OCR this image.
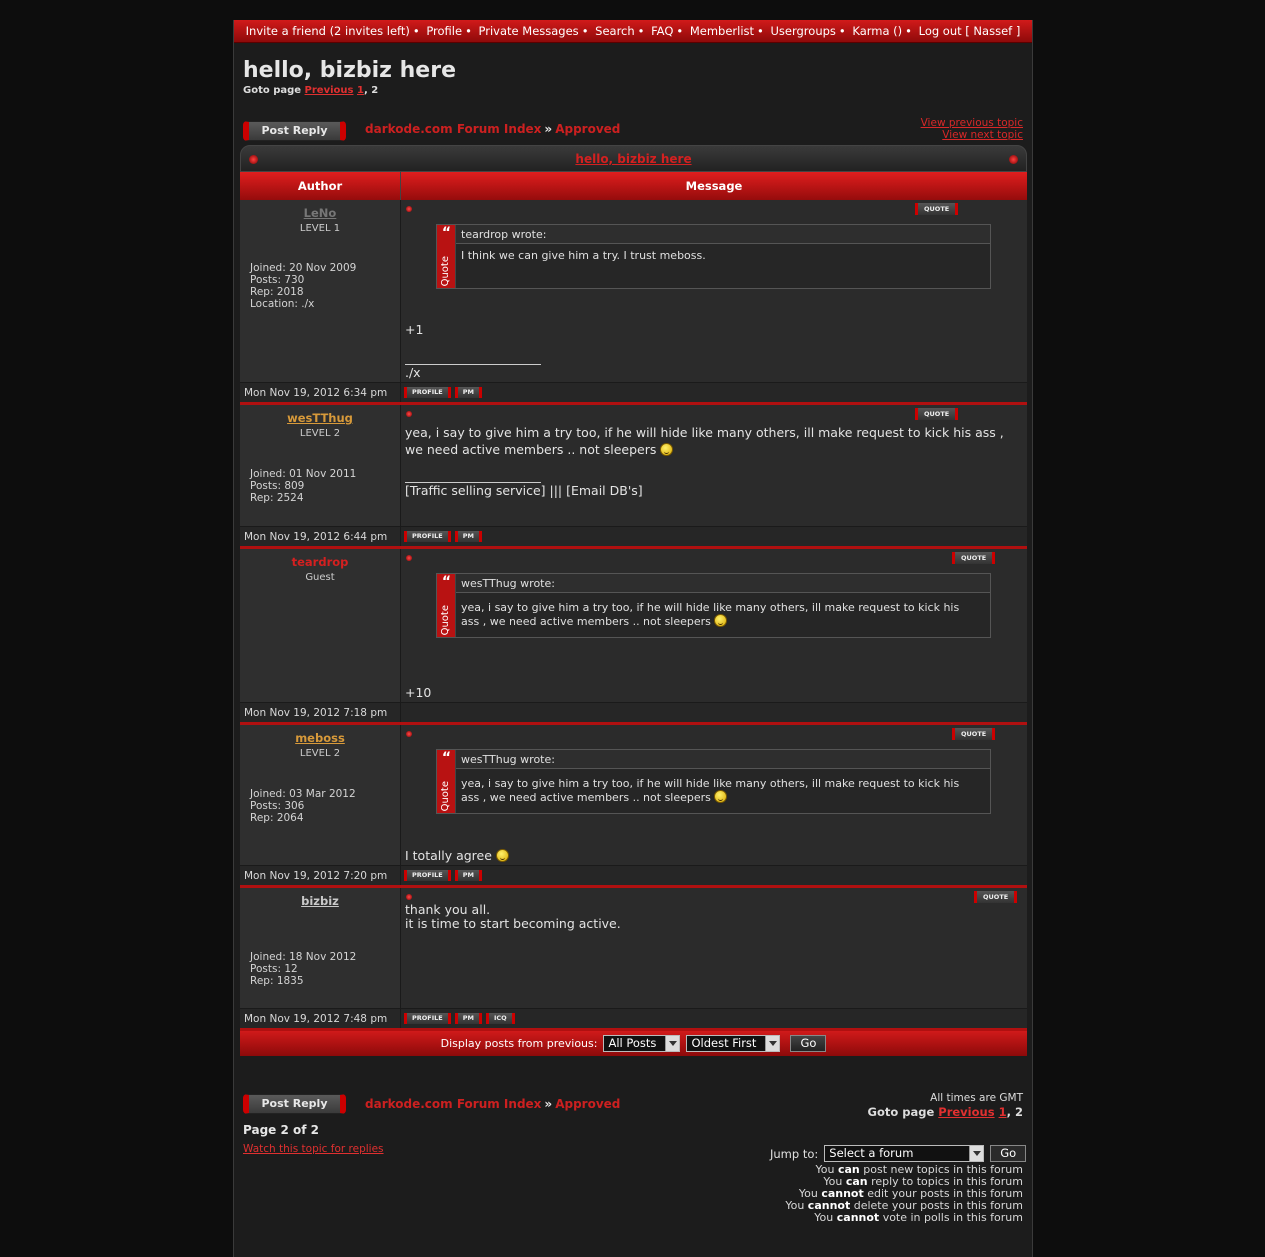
Invite a friend (2 invites left) • Profile • Private Messages • Search • FAQ • Memberlist • Usergroups • Karma () • Log out [ Nassef ]
hello, bizbiz here
Goto page Previous 1, 2
Post Reply	darkode.com Forum Index » Approved	View previous topic
View next topic
hello, bizbiz here
Author	Message
LeNo
LEVEL 1
Joined: 20 Nov 2009
Posts: 730
Rep: 2018
Location: ./x
QUOTE
“
Quote
teardrop wrote:
I think we can give him a try. I trust meboss.
+1
./x
Mon Nov 19, 2012 6:34 pm	PROFILE	PM
wesTThug
LEVEL 2
Joined: 01 Nov 2011
Posts: 809
Rep: 2524
QUOTE
yea, i say to give him a try too, if he will hide like many others, ill make request to kick his ass ,
we need active members .. not sleepers
[Traffic selling service] ||| [Email DB's]
Mon Nov 19, 2012 6:44 pm	PROFILE	PM
teardrop
Guest
QUOTE
“
Quote
wesTThug wrote:
yea, i say to give him a try too, if he will hide like many others, ill make request to kick his
ass , we need active members .. not sleepers
+10
Mon Nov 19, 2012 7:18 pm
meboss
LEVEL 2
Joined: 03 Mar 2012
Posts: 306
Rep: 2064
QUOTE
“
Quote
wesTThug wrote:
yea, i say to give him a try too, if he will hide like many others, ill make request to kick his
ass , we need active members .. not sleepers
I totally agree
Mon Nov 19, 2012 7:20 pm	PROFILE	PM
bizbiz
Joined: 18 Nov 2012
Posts: 12
Rep: 1835
QUOTE
thank you all.
it is time to start becoming active.
Mon Nov 19, 2012 7:48 pm	PROFILE	PM	ICQ
Display posts from previous: All Posts	Oldest First	Go
Post Reply	darkode.com Forum Index » Approved	All times are GMT
Goto page Previous 1, 2
Page 2 of 2
Watch this topic for replies	Jump to: Select a forum	Go
You can post new topics in this forum
You can reply to topics in this forum
You cannot edit your posts in this forum
You cannot delete your posts in this forum
You cannot vote in polls in this forum
